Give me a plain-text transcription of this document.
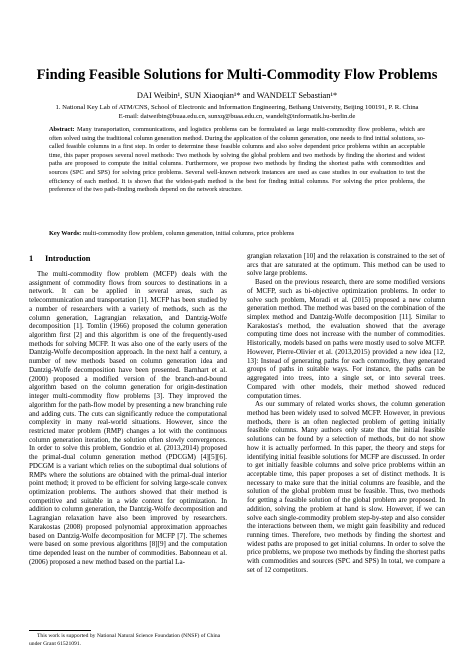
Finding Feasible Solutions for Multi-Commodity Flow Problems
DAI Weibin¹, SUN Xiaoqian¹* and WANDELT Sebastian¹*
1. National Key Lab of ATM/CNS, School of Electronic and Information Engineering, Beihang University, Beijing 100191, P. R. China
E-mail: daiweibin@buaa.edu.cn, sunxq@buaa.edu.cn, wandelt@informatik.hu-berlin.de

Abstract: Many transportation, communications, and logistics problems can be formulated as large multi-commodity flow problems, which are often solved using the traditional column generation method. During the application of the column generation, one needs to find initial solutions, so-called feasible columns in a first step. In order to determine these feasible columns and also solve dependent price problems within an acceptable time, this paper proposes several novel methods: Two methods by solving the global problem and two methods by finding the shortest and widest paths are proposed to compute the initial columns. Furthermore, we propose two methods by finding the shortest paths with commodities and sources (SPC and SPS) for solving price problems. Several well-known network instances are used as case studies in our evaluation to test the efficiency of each method. It is shown that the widest-path method is the best for finding initial columns. For solving the price problems, the preference of the two path-finding methods depend on the network structure.

Key Words: multi-commodity flow problem, column generation, initial columns, price problems

1 Introduction

The multi-commodity flow problem (MCFP) deals with the assignment of commodity flows from sources to destinations in a network. It can be applied in several areas, such as telecommunication and transportation [1]. MCFP has been studied by a number of researchers with a variety of methods, such as the column generation, Lagrangian relaxation, and Dantzig-Wolfe decomposition [1]. Tomlin (1966) proposed the column generation algorithm first [2] and this algorithm is one of the frequently-used methods for solving MCFP. It was also one of the early users of the Dantzig-Wolfe decomposition approach. In the next half a century, a number of new methods based on column generation idea and Dantzig-Wolfe decomposition have been presented. Barnhart et al. (2000) proposed a modified version of the branch-and-bound algorithm based on the column generation for origin-destination integer multi-commodity flow problems [3]. They improved the algorithm for the path-flow model by presenting a new branching rule and adding cuts. The cuts can significantly reduce the computational complexity in many real-world situations. However, since the restricted mater problem (RMP) changes a lot with the continuous column generation iteration, the solution often slowly convergences. In order to solve this problem, Gondzio et al. (2013,2014) proposed the primal-dual column generation method (PDCGM) [4][5][6]. PDCGM is a variant which relies on the suboptimal dual solutions of RMPs where the solutions are obtained with the primal-dual interior point method; it proved to be efficient for solving large-scale convex optimization problems. The authors showed that their method is competitive and suitable in a wide context for optimization. In addition to column generation, the Dantzig-Wolfe decomposition and Lagrangian relaxation have also been improved by researchers. Karakostas (2008) proposed polynomial approximation approaches based on Dantzig-Wolfe decomposition for MCFP [7]. The schemes were based on some previous algorithms [8][9] and the computation time depended least on the number of commodities. Babonneau et al. (2006) proposed a new method based on the partial La-

grangian relaxation [10] and the relaxation is constrained to the set of arcs that are saturated at the optimum. This method can be used to solve large problems.

Based on the previous research, there are some modified versions of MCFP, such as bi-objective optimization problems. In order to solve such problem, Moradi et al. (2015) proposed a new column generation method. The method was based on the combination of the simplex method and Dantzig-Wolfe decomposition [11]. Similar to Karakostas's method, the evaluation showed that the average computing time does not increase with the number of commodities. Historically, models based on paths were mostly used to solve MCFP. However, Pierre-Olivier et al. (2013,2015) provided a new idea [12, 13]: Instead of generating paths for each commodity, they generated groups of paths in suitable ways. For instance, the paths can be aggregated into trees, into a single set, or into several trees. Compared with other models, their method showed reduced computation times.

As our summary of related works shows, the column generation method has been widely used to solved MCFP. However, in previous methods, there is an often neglected problem of getting initially feasible columns. Many authors only state that the initial feasible solutions can be found by a selection of methods, but do not show how it is actually performed. In this paper, the theory and steps for identifying initial feasible solutions for MCFP are discussed. In order to get initially feasible columns and solve price problems within an acceptable time, this paper proposes a set of distinct methods. It is necessary to make sure that the initial columns are feasible, and the solution of the global problem must be feasible. Thus, two methods for getting a feasible solution of the global problem are proposed. In addition, solving the problem at hand is slow. However, if we can solve each single-commodity problem step-by-step and also consider the interactions between them, we might gain feasibility and reduced running times. Therefore, two methods by finding the shortest and widest paths are proposed to get initial columns. In order to solve the price problems, we propose two methods by finding the shortest paths with commodities and sources (SPC and SPS) In total, we compare a set of 12 competitors.

This work is supported by National Natural Science Foundation (NNSF) of China under Grant 61521091.
